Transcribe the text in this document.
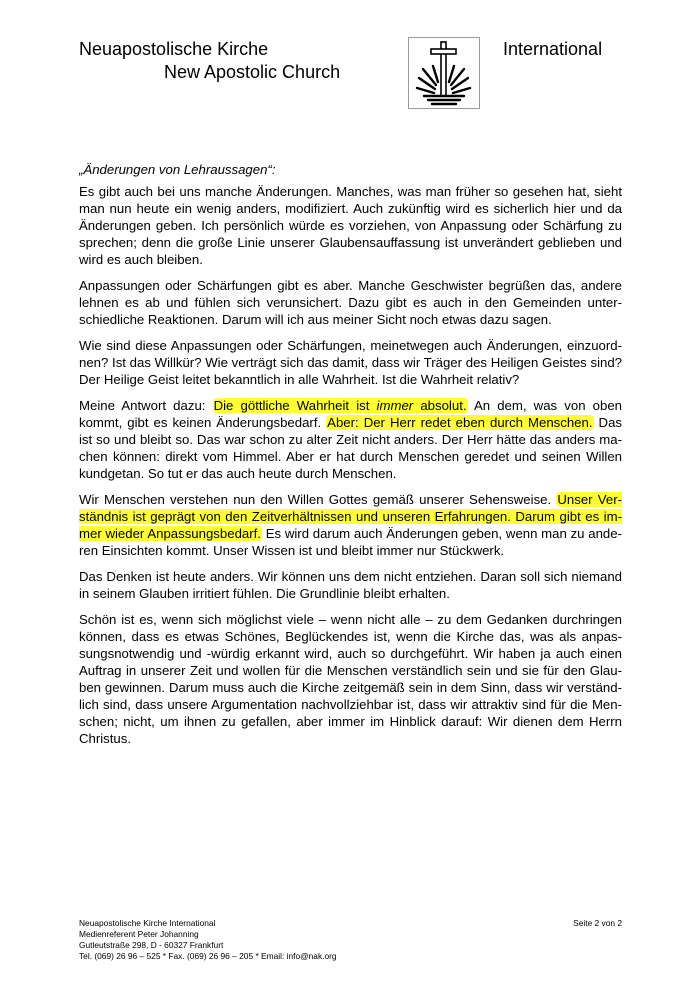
Neuapostolische Kirche
New Apostolic Church
International

„Änderungen von Lehraussagen“:

Es gibt auch bei uns manche Änderungen. Manches, was man früher so gesehen hat, sieht man nun heute ein wenig anders, modifiziert. Auch zukünftig wird es sicherlich hier und da Änderungen geben. Ich persönlich würde es vorziehen, von Anpassung oder Schärfung zu sprechen; denn die große Linie unserer Glaubensauffassung ist unverändert geblieben und wird es auch bleiben.

Anpassungen oder Schärfungen gibt es aber. Manche Geschwister begrüßen das, andere lehnen es ab und fühlen sich verunsichert. Dazu gibt es auch in den Gemeinden unterschiedliche Reaktionen. Darum will ich aus meiner Sicht noch etwas dazu sagen.

Wie sind diese Anpassungen oder Schärfungen, meinetwegen auch Änderungen, einzuordnen? Ist das Willkür? Wie verträgt sich das damit, dass wir Träger des Heiligen Geistes sind? Der Heilige Geist leitet bekanntlich in alle Wahrheit. Ist die Wahrheit relativ?

Meine Antwort dazu: Die göttliche Wahrheit ist immer absolut. An dem, was von oben kommt, gibt es keinen Änderungsbedarf. Aber: Der Herr redet eben durch Menschen. Das ist so und bleibt so. Das war schon zu alter Zeit nicht anders. Der Herr hätte das anders machen können: direkt vom Himmel. Aber er hat durch Menschen geredet und seinen Willen kundgetan. So tut er das auch heute durch Menschen.

Wir Menschen verstehen nun den Willen Gottes gemäß unserer Sehensweise. Unser Verständnis ist geprägt von den Zeitverhältnissen und unseren Erfahrungen. Darum gibt es immer wieder Anpassungsbedarf. Es wird darum auch Änderungen geben, wenn man zu anderen Einsichten kommt. Unser Wissen ist und bleibt immer nur Stückwerk.

Das Denken ist heute anders. Wir können uns dem nicht entziehen. Daran soll sich niemand in seinem Glauben irritiert fühlen. Die Grundlinie bleibt erhalten.

Schön ist es, wenn sich möglichst viele – wenn nicht alle – zu dem Gedanken durchringen können, dass es etwas Schönes, Beglückendes ist, wenn die Kirche das, was als anpassungsnotwendig und -würdig erkannt wird, auch so durchgeführt. Wir haben ja auch einen Auftrag in unserer Zeit und wollen für die Menschen verständlich sein und sie für den Glauben gewinnen. Darum muss auch die Kirche zeitgemäß sein in dem Sinn, dass wir verständlich sind, dass unsere Argumentation nachvollziehbar ist, dass wir attraktiv sind für die Menschen; nicht, um ihnen zu gefallen, aber immer im Hinblick darauf: Wir dienen dem Herrn Christus.

Neuapostolische Kirche International
Medienreferent Peter Johanning
Gutleutstraße 298, D - 60327 Frankfurt
Tel. (069) 26 96 – 525 * Fax. (069) 26 96 – 205 * Email: info@nak.org
Seite 2 von 2
